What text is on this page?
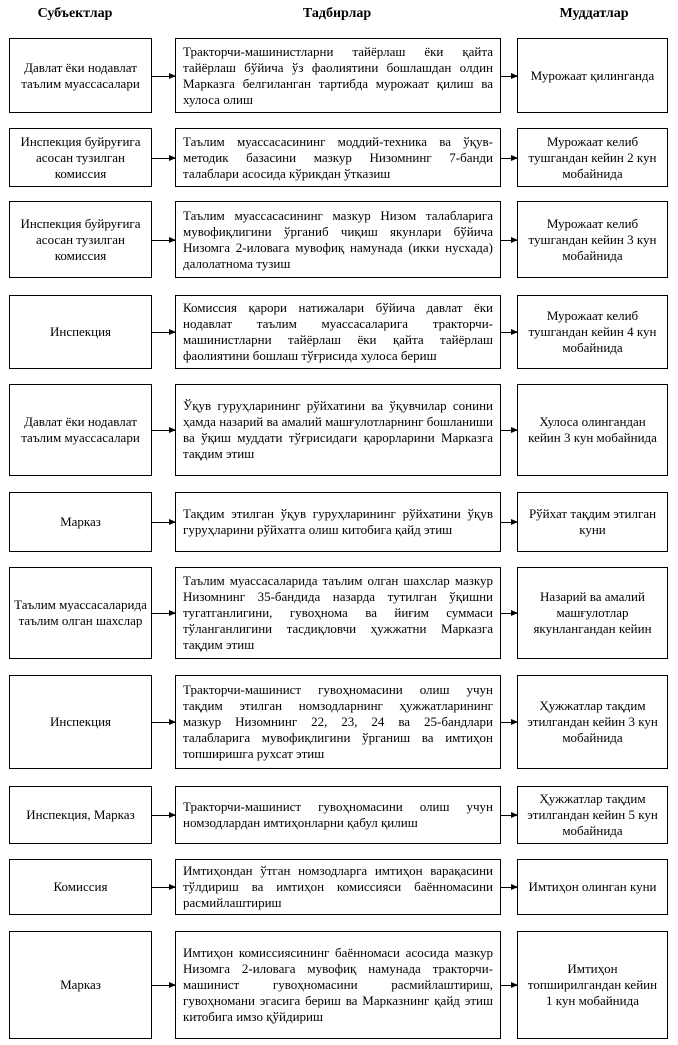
Субъектлар	Тадбирлар	Муддатлар
Давлат ёки нодавлат таълим муассасалари
Тракторчи-машинистларни тайёрлаш ёки қайта тайёрлаш бўйича ўз фаолиятини бошлашдан олдин Марказга белгиланган тартибда мурожаат қилиш ва хулоса олиш
Мурожаат қилинганда
Инспекция буйруғига асосан тузилган комиссия
Таълим муассасасининг моддий-техника ва ўқув-методик базасини мазкур Низомнинг 7-банди талаблари асосида кўрикдан ўтказиш
Мурожаат келиб тушгандан кейин 2 кун мобайнида
Инспекция буйруғига асосан тузилган комиссия
Таълим муассасасининг мазкур Низом талабларига мувофиқлигини ўрганиб чиқиш якунлари бўйича Низомга 2-иловага мувофиқ намунада (икки нусхада) далолатнома тузиш
Мурожаат келиб тушгандан кейин 3 кун мобайнида
Инспекция
Комиссия қарори натижалари бўйича давлат ёки нодавлат таълим муассасаларига тракторчи-машинистларни тайёрлаш ёки қайта тайёрлаш фаолиятини бошлаш тўғрисида хулоса бериш
Мурожаат келиб тушгандан кейин 4 кун мобайнида
Давлат ёки нодавлат таълим муассасалари
Ўқув гуруҳларининг рўйхатини ва ўқувчилар сонини ҳамда назарий ва амалий машғулотларнинг бошланиши ва ўқиш муддати тўғрисидаги қарорларини Марказга тақдим этиш
Хулоса олингандан кейин 3 кун мобайнида
Марказ
Тақдим этилган ўқув гуруҳларининг рўйхатини ўқув гуруҳларини рўйхатга олиш китобига қайд этиш
Рўйхат тақдим этилган куни
Таълим муассасаларида таълим олган шахслар
Таълим муассасаларида таълим олган шахслар мазкур Низомнинг 35-бандида назарда тутилган ўқишни тугатганлигини, гувоҳнома ва йиғим суммаси тўланганлигини тасдиқловчи ҳужжатни Марказга тақдим этиш
Назарий ва амалий машғулотлар якунлангандан кейин
Инспекция
Тракторчи-машинист гувоҳномасини олиш учун тақдим этилган номзодларнинг ҳужжатларининг мазкур Низомнинг 22, 23, 24 ва 25-бандлари талабларига мувофиқлигини ўрганиш ва имтиҳон топширишга рухсат этиш
Ҳужжатлар тақдим этилгандан кейин 3 кун мобайнида
Инспекция, Марказ
Тракторчи-машинист гувоҳномасини олиш учун номзодлардан имтиҳонларни қабул қилиш
Ҳужжатлар тақдим этилгандан кейин 5 кун мобайнида
Комиссия
Имтиҳондан ўтган номзодларга имтиҳон варақасини тўлдириш ва имтиҳон комиссияси баённомасини расмийлаштириш
Имтиҳон олинган куни
Марказ
Имтиҳон комиссиясининг баённомаси асосида мазкур Низомга 2-иловага мувофиқ намунада тракторчи-машинист гувоҳномасини расмийлаштириш, гувоҳномани эгасига бериш ва Марказнинг қайд этиш китобига имзо қўйдириш
Имтиҳон топширилгандан кейин 1 кун мобайнида
